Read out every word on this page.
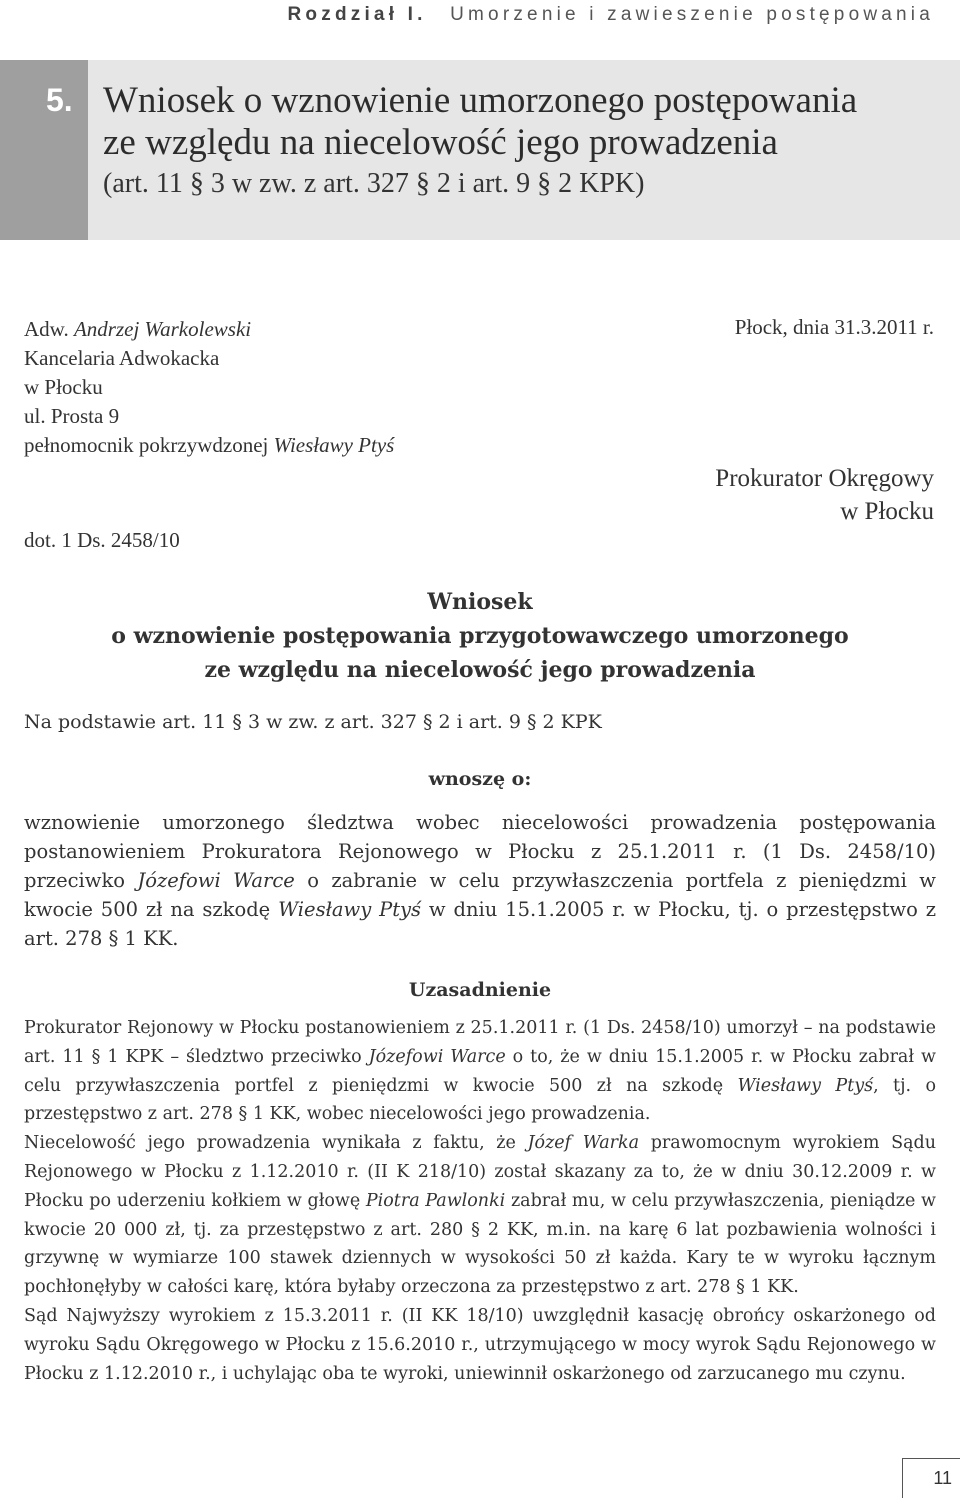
Rozdział I. Umorzenie i zawieszenie postępowania
5. Wniosek o wznowienie umorzonego postępowania
ze względu na niecelowość jego prowadzenia
(art. 11 § 3 w zw. z art. 327 § 2 i art. 9 § 2 KPK)
Adw. Andrzej Warkolewski
Kancelaria Adwokacka
w Płocku
ul. Prosta 9
pełnomocnik pokrzywdzonej Wiesławy Ptyś
dot. 1 Ds. 2458/10
Płock, dnia 31.3.2011 r.
Prokurator Okręgowy
w Płocku
Wniosek
o wznowienie postępowania przygotowawczego umorzonego
ze względu na niecelowość jego prowadzenia
Na podstawie art. 11 § 3 w zw. z art. 327 § 2 i art. 9 § 2 KPK
wnoszę o:
wznowienie umorzonego śledztwa wobec niecelowości prowadzenia postępowania postanowieniem Prokuratora Rejonowego w Płocku z 25.1.2011 r. (1 Ds. 2458/10) przeciwko Józefowi Warce o zabranie w celu przywłaszczenia portfela z pieniędzmi w kwocie 500 zł na szkodę Wiesławy Ptyś w dniu 15.1.2005 r. w Płocku, tj. o przestępstwo z art. 278 § 1 KK.
Uzasadnienie

Prokurator Rejonowy w Płocku postanowieniem z 25.1.2011 r. (1 Ds. 2458/10) umorzył – na podstawie art. 11 § 1 KPK – śledztwo przeciwko Józefowi Warce o to, że w dniu 15.1.2005 r. w Płocku zabrał w celu przywłaszczenia portfel z pieniędzmi w kwocie 500 zł na szkodę Wiesławy Ptyś, tj. o przestępstwo z art. 278 § 1 KK, wobec niecelowości jego prowadzenia.

Niecelowość jego prowadzenia wynikała z faktu, że Józef Warka prawomocnym wyrokiem Sądu Rejonowego w Płocku z 1.12.2010 r. (II K 218/10) został skazany za to, że w dniu 30.12.2009 r. w Płocku po uderzeniu kołkiem w głowę Piotra Pawlonki zabrał mu, w celu przywłaszczenia, pieniądze w kwocie 20 000 zł, tj. za przestępstwo z art. 280 § 2 KK, m.in. na karę 6 lat pozbawienia wolności i grzywnę w wymiarze 100 stawek dziennych w wysokości 50 zł każda. Kary te w wyroku łącznym pochłonęłyby w całości karę, która byłaby orzeczona za przestępstwo z art. 278 § 1 KK.

Sąd Najwyższy wyrokiem z 15.3.2011 r. (II KK 18/10) uwzględnił kasację obrońcy oskarżonego od wyroku Sądu Okręgowego w Płocku z 15.6.2010 r., utrzymującego w mocy wyrok Sądu Rejonowego w Płocku z 1.12.2010 r., i uchylając oba te wyroki, uniewinnił oskarżonego od zarzucanego mu czynu.

11
